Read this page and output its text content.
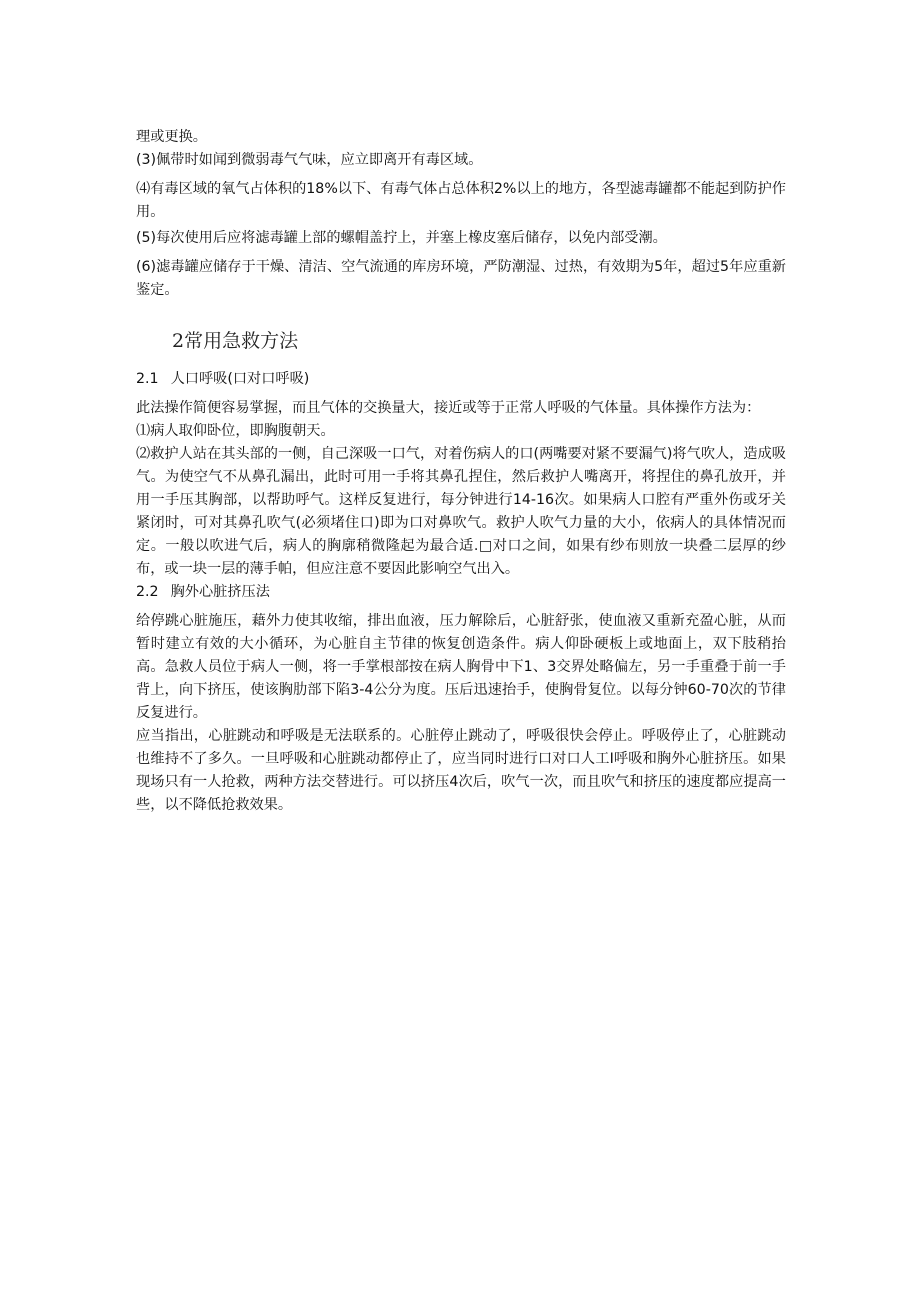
理或更换。

(3)佩带时如闻到微弱毒气气味，应立即离开有毒区域。

⑷有毒区域的氧气占体积的18%以下、有毒气体占总体积2%以上的地方，各型滤毒罐都不能起到防护作用。

(5)每次使用后应将滤毒罐上部的螺帽盖拧上，并塞上橡皮塞后储存，以免内部受潮。

(6)滤毒罐应储存于干燥、清洁、空气流通的库房环境，严防潮湿、过热，有效期为5年，超过5年应重新鉴定。

2常用急救方法
2.1 人口呼吸(口对口呼吸)

此法操作简便容易掌握，而且气体的交换量大，接近或等于正常人呼吸的气体量。具体操作方法为：

⑴病人取仰卧位，即胸腹朝天。

⑵救护人站在其头部的一侧，自己深吸一口气，对着伤病人的口(两嘴要对紧不要漏气)将气吹人，造成吸气。为使空气不从鼻孔漏出，此时可用一手将其鼻孔捏住，然后救护人嘴离开，将捏住的鼻孔放开，并用一手压其胸部，以帮助呼气。这样反复进行，每分钟进行14-16次。如果病人口腔有严重外伤或牙关紧闭时，可对其鼻孔吹气(必须堵住口)即为口对鼻吹气。救护人吹气力量的大小，依病人的具体情况而定。一般以吹进气后，病人的胸廓稍微隆起为最合适.□对口之间，如果有纱布则放一块叠二层厚的纱布，或一块一层的薄手帕，但应注意不要因此影响空气出入。

2.2 胸外心脏挤压法

给停跳心脏施压，藉外力使其收缩，排出血液，压力解除后，心脏舒张，使血液又重新充盈心脏，从而暂时建立有效的大小循环，为心脏自主节律的恢复创造条件。病人仰卧硬板上或地面上，双下肢稍抬高。急救人员位于病人一侧，将一手掌根部按在病人胸骨中下1、3交界处略偏左，另一手重叠于前一手背上，向下挤压，使该胸肋部下陷3-4公分为度。压后迅速抬手，使胸骨复位。以每分钟60-70次的节律反复进行。

应当指出，心脏跳动和呼吸是无法联系的。心脏停止跳动了，呼吸很快会停止。呼吸停止了，心脏跳动也维持不了多久。一旦呼吸和心脏跳动都停止了，应当同时进行口对口人工I呼吸和胸外心脏挤压。如果现场只有一人抢救，两种方法交替进行。可以挤压4次后，吹气一次，而且吹气和挤压的速度都应提高一些，以不降低抢救效果。
